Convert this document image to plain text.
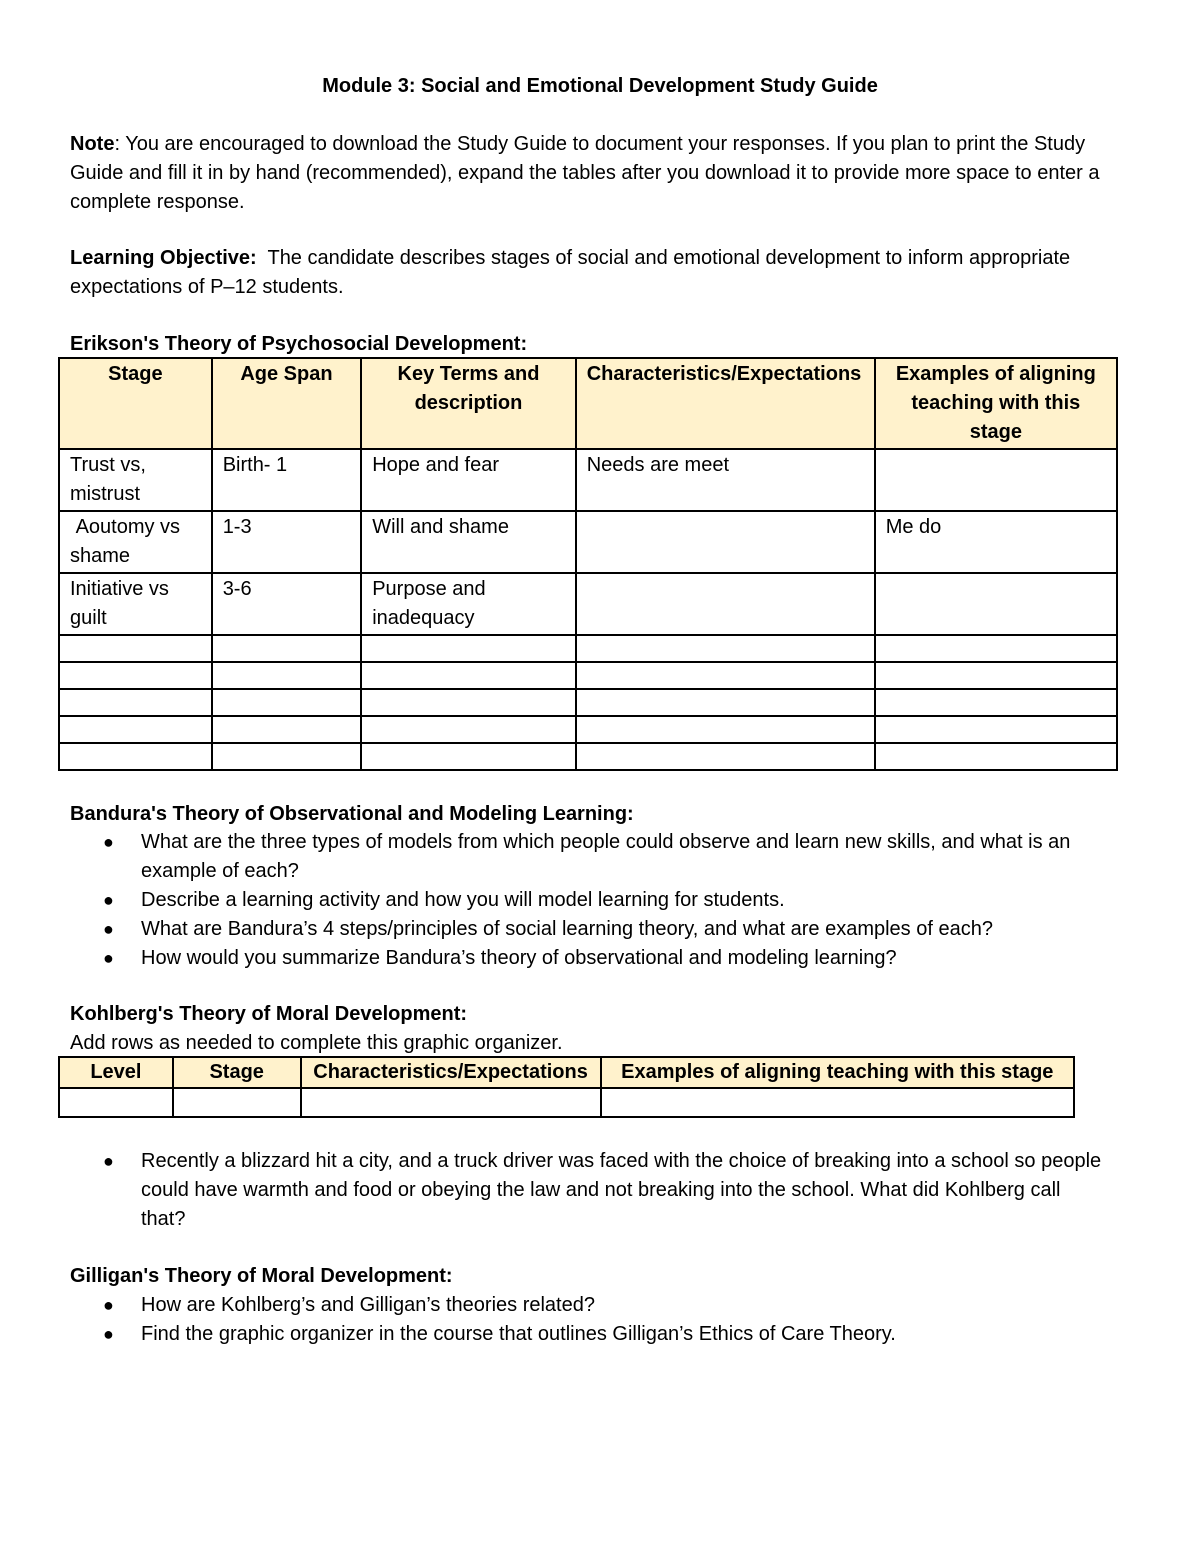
Module 3: Social and Emotional Development Study Guide

Note: You are encouraged to download the Study Guide to document your responses. If you plan to print the Study Guide and fill it in by hand (recommended), expand the tables after you download it to provide more space to enter a complete response.

Learning Objective:  The candidate describes stages of social and emotional development to inform appropriate expectations of P–12 students.

Erikson's Theory of Psychosocial Development:

Stage	Age Span	Key Terms and description	Characteristics/Expectations	Examples of aligning teaching with this stage
Trust vs, mistrust	Birth- 1	Hope and fear	Needs are meet	
Aoutomy vs shame	1-3	Will and shame		Me do
Initiative vs guilt	3-6	Purpose and inadequacy		

Bandura's Theory of Observational and Modeling Learning:

● What are the three types of models from which people could observe and learn new skills, and what is an example of each?
● Describe a learning activity and how you will model learning for students.
● What are Bandura’s 4 steps/principles of social learning theory, and what are examples of each?
● How would you summarize Bandura’s theory of observational and modeling learning?

Kohlberg's Theory of Moral Development:

Add rows as needed to complete this graphic organizer.

Level	Stage	Characteristics/Expectations	Examples of aligning teaching with this stage

● Recently a blizzard hit a city, and a truck driver was faced with the choice of breaking into a school so people could have warmth and food or obeying the law and not breaking into the school. What did Kohlberg call that?

Gilligan's Theory of Moral Development:

● How are Kohlberg’s and Gilligan’s theories related?
● Find the graphic organizer in the course that outlines Gilligan’s Ethics of Care Theory.
